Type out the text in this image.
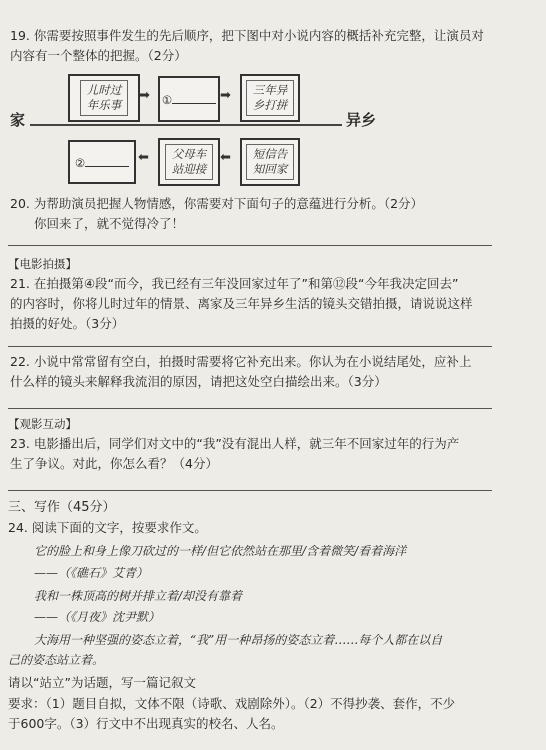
19. 你需要按照事件发生的先后顺序，把下图中对小说内容的概括补充完整，让演员对
内容有一个整体的把握。（2分）
儿时过
年乐事
➡ ①	➡ 三年异
乡打拼
家	异乡
②	⬅ 父母车
站迎接
⬅ 短信告
知回家
20. 为帮助演员把握人物情感，你需要对下面句子的意蕴进行分析。（2分）
你回来了，就不觉得冷了！
【电影拍摄】
21. 在拍摄第④段“而今，我已经有三年没回家过年了”和第⑫段“今年我决定回去”
的内容时，你将儿时过年的情景、离家及三年异乡生活的镜头交错拍摄，请说说这样
拍摄的好处。（3分）
22. 小说中常常留有空白，拍摄时需要将它补充出来。你认为在小说结尾处，应补上
什么样的镜头来解释我流泪的原因，请把这处空白描绘出来。（3分）
【观影互动】
23. 电影播出后，同学们对文中的“我”没有混出人样，就三年不回家过年的行为产
生了争议。对此，你怎么看？（4分）
三、写作（45分）
24. 阅读下面的文字，按要求作文。
它的脸上和身上像刀砍过的一样/但它依然站在那里/含着微笑/看着海洋
——（《礁石》艾青）
我和一株顶高的树并排立着/却没有靠着
——（《月夜》沈尹默）
大海用一种坚强的姿态立着，“我”用一种昂扬的姿态立着……每个人都在以自
己的姿态站立着。
请以“站立”为话题，写一篇记叙文
要求：（1）题目自拟，文体不限（诗歌、戏剧除外）。（2）不得抄袭、套作，不少
于600字。（3）行文中不出现真实的校名、人名。
